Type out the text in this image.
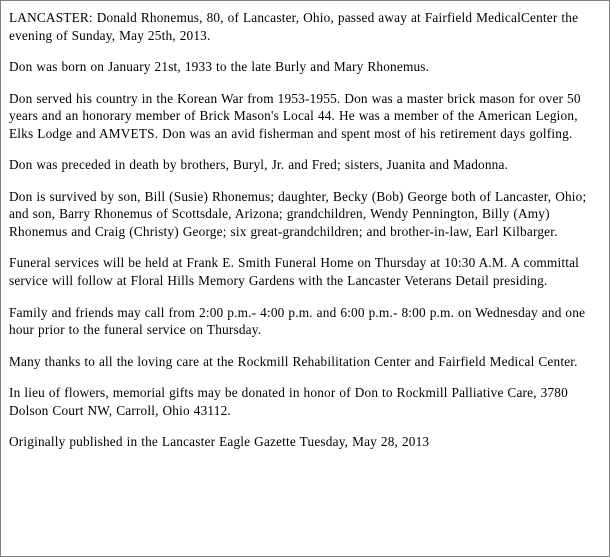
LANCASTER: Donald Rhonemus, 80, of Lancaster, Ohio, passed away at Fairfield MedicalCenter the evening of Sunday, May 25th, 2013.

Don was born on January 21st, 1933 to the late Burly and Mary Rhonemus.

Don served his country in the Korean War from 1953-1955. Don was a master brick mason for over 50 years and an honorary member of Brick Mason's Local 44. He was a member of the American Legion, Elks Lodge and AMVETS. Don was an avid fisherman and spent most of his retirement days golfing.

Don was preceded in death by brothers, Buryl, Jr. and Fred; sisters, Juanita and Madonna.

Don is survived by son, Bill (Susie) Rhonemus; daughter, Becky (Bob) George both of Lancaster, Ohio; and son, Barry Rhonemus of Scottsdale, Arizona; grandchildren, Wendy Pennington, Billy (Amy) Rhonemus and Craig (Christy) George; six great-grandchildren; and brother-in-law, Earl Kilbarger.

Funeral services will be held at Frank E. Smith Funeral Home on Thursday at 10:30 A.M. A committal service will follow at Floral Hills Memory Gardens with the Lancaster Veterans Detail presiding.

Family and friends may call from 2:00 p.m.- 4:00 p.m. and 6:00 p.m.- 8:00 p.m. on Wednesday and one hour prior to the funeral service on Thursday.

Many thanks to all the loving care at the Rockmill Rehabilitation Center and Fairfield Medical Center.

In lieu of flowers, memorial gifts may be donated in honor of Don to Rockmill Palliative Care, 3780 Dolson Court NW, Carroll, Ohio 43112.

Originally published in the Lancaster Eagle Gazette Tuesday, May 28, 2013
